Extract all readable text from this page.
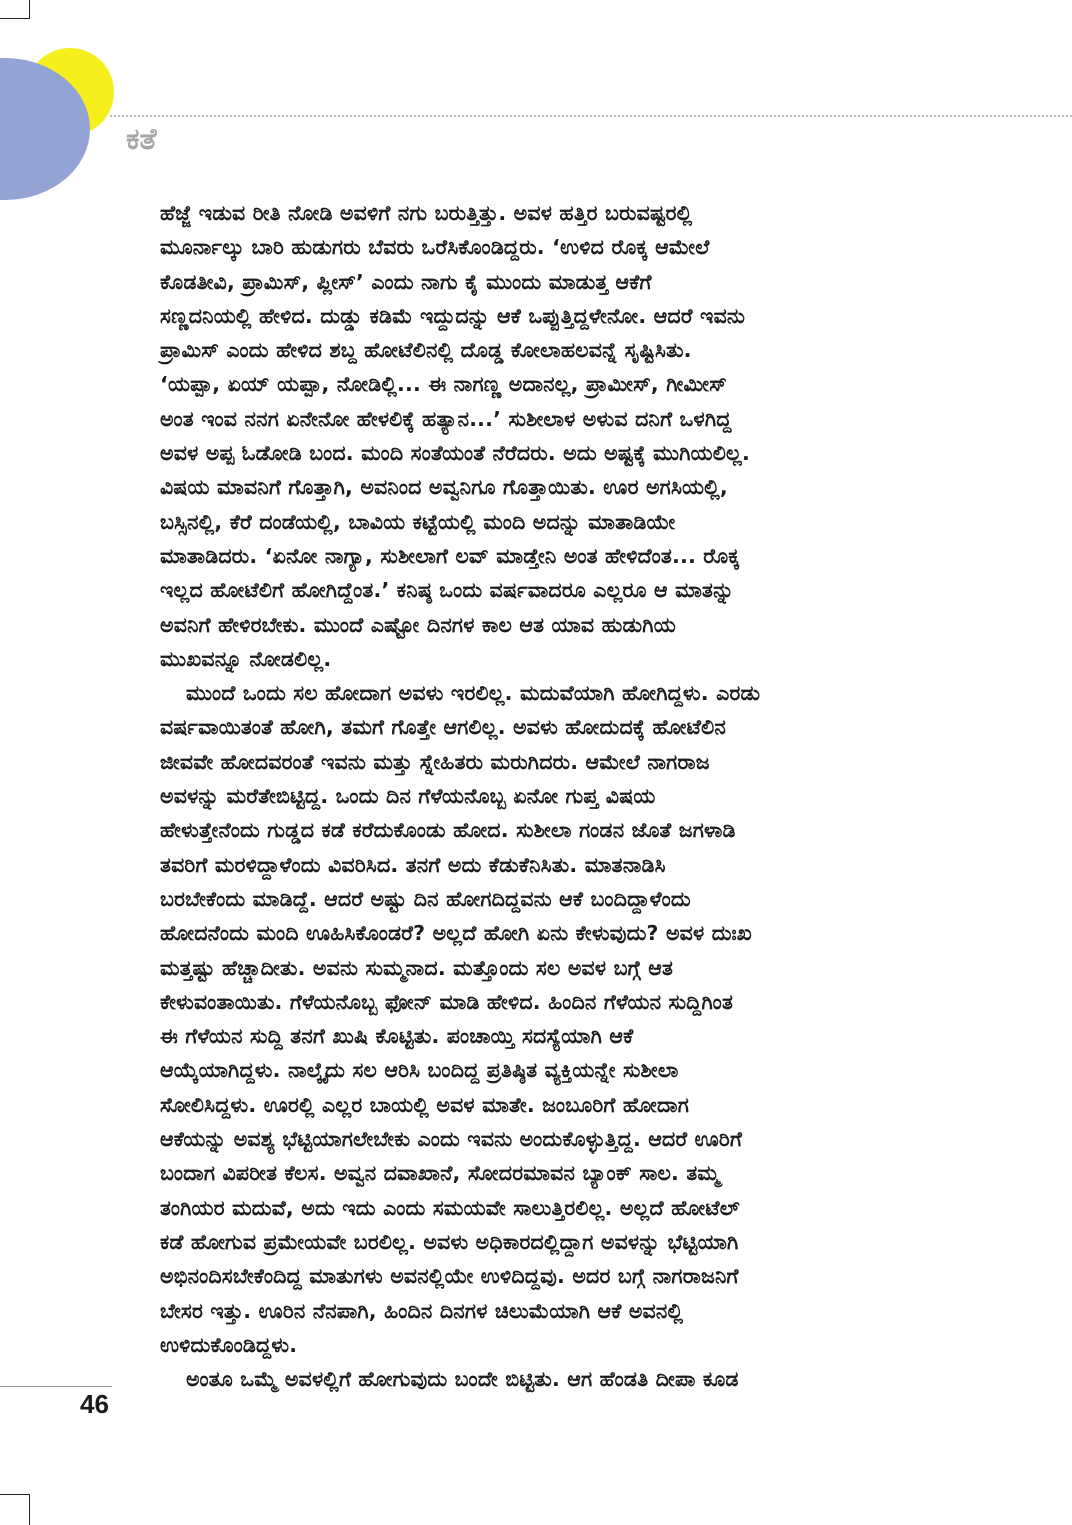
ಕತೆ
ಹೆಜ್ಜೆ ಇಡುವ ರೀತಿ ನೋಡಿ ಅವಳಿಗೆ ನಗು ಬರುತ್ತಿತ್ತು. ಅವಳ ಹತ್ತಿರ ಬರುವಷ್ಟರಲ್ಲಿ
ಮೂರ್ನಾಲ್ಕು ಬಾರಿ ಹುಡುಗರು ಬೆವರು ಒರೆಸಿಕೊಂಡಿದ್ದರು. ‘ಉಳಿದ ರೊಕ್ಕ ಆಮೇಲೆ
ಕೊಡತೀವಿ, ಪ್ರಾಮಿಸ್, ಪ್ಲೀಸ್’ ಎಂದು ನಾಗು ಕೈ ಮುಂದು ಮಾಡುತ್ತ ಆಕೆಗೆ
ಸಣ್ಣದನಿಯಲ್ಲಿ ಹೇಳಿದ. ದುಡ್ಡು ಕಡಿಮೆ ಇದ್ದುದನ್ನು ಆಕೆ ಒಪ್ಪುತ್ತಿದ್ದಳೇನೋ. ಆದರೆ ಇವನು
ಪ್ರಾಮಿಸ್ ಎಂದು ಹೇಳಿದ ಶಬ್ದ ಹೋಟೆಲಿನಲ್ಲಿ ದೊಡ್ಡ ಕೋಲಾಹಲವನ್ನೆ ಸೃಷ್ಟಿಸಿತು.
‘ಯಪ್ಪಾ, ಏಯ್ ಯಪ್ಪಾ, ನೋಡಿಲ್ಲಿ... ಈ ನಾಗಣ್ಣ ಅದಾನಲ್ಲ, ಪ್ರಾಮೀಸ್, ಗೀಮೀಸ್
ಅಂತ ಇಂವ ನನಗ ಏನೇನೋ ಹೇಳಲಿಕ್ಕೆ ಹತ್ಯಾನ...’ ಸುಶೀಲಾಳ ಅಳುವ ದನಿಗೆ ಒಳಗಿದ್ದ
ಅವಳ ಅಪ್ಪ ಓಡೋಡಿ ಬಂದ. ಮಂದಿ ಸಂತೆಯಂತೆ ನೆರೆದರು. ಅದು ಅಷ್ಟಕ್ಕೆ ಮುಗಿಯಲಿಲ್ಲ.
ವಿಷಯ ಮಾವನಿಗೆ ಗೊತ್ತಾಗಿ, ಅವನಿಂದ ಅವ್ವನಿಗೂ ಗೊತ್ತಾಯಿತು. ಊರ ಅಗಸಿಯಲ್ಲಿ,
ಬಸ್ಸಿನಲ್ಲಿ, ಕೆರೆ ದಂಡೆಯಲ್ಲಿ, ಬಾವಿಯ ಕಟ್ಟೆಯಲ್ಲಿ ಮಂದಿ ಅದನ್ನು ಮಾತಾಡಿಯೇ
ಮಾತಾಡಿದರು. ‘ಏನೋ ನಾಗ್ಯಾ, ಸುಶೀಲಾಗೆ ಲವ್ ಮಾಡ್ತೇನಿ ಅಂತ ಹೇಳಿದೆಂತ... ರೊಕ್ಕ
ಇಲ್ಲದ ಹೋಟೆಲಿಗೆ ಹೋಗಿದ್ದೆಂತ.’ ಕನಿಷ್ಠ ಒಂದು ವರ್ಷವಾದರೂ ಎಲ್ಲರೂ ಆ ಮಾತನ್ನು
ಅವನಿಗೆ ಹೇಳಿರಬೇಕು. ಮುಂದೆ ಎಷ್ಟೋ ದಿನಗಳ ಕಾಲ ಆತ ಯಾವ ಹುಡುಗಿಯ
ಮುಖವನ್ನೂ ನೋಡಲಿಲ್ಲ.
ಮುಂದೆ ಒಂದು ಸಲ ಹೋದಾಗ ಅವಳು ಇರಲಿಲ್ಲ. ಮದುವೆಯಾಗಿ ಹೋಗಿದ್ದಳು. ಎರಡು
ವರ್ಷವಾಯಿತಂತೆ ಹೋಗಿ, ತಮಗೆ ಗೊತ್ತೇ ಆಗಲಿಲ್ಲ. ಅವಳು ಹೋದುದಕ್ಕೆ ಹೋಟೆಲಿನ
ಜೀವವೇ ಹೋದವರಂತೆ ಇವನು ಮತ್ತು ಸ್ನೇಹಿತರು ಮರುಗಿದರು. ಆಮೇಲೆ ನಾಗರಾಜ
ಅವಳನ್ನು ಮರೆತೇಬಿಟ್ಟಿದ್ದ. ಒಂದು ದಿನ ಗೆಳೆಯನೊಬ್ಬ ಏನೋ ಗುಪ್ತ ವಿಷಯ
ಹೇಳುತ್ತೇನೆಂದು ಗುಡ್ಡದ ಕಡೆ ಕರೆದುಕೊಂಡು ಹೋದ. ಸುಶೀಲಾ ಗಂಡನ ಜೊತೆ ಜಗಳಾಡಿ
ತವರಿಗೆ ಮರಳಿದ್ದಾಳೆಂದು ವಿವರಿಸಿದ. ತನಗೆ ಅದು ಕೆಡುಕೆನಿಸಿತು. ಮಾತನಾಡಿಸಿ
ಬರಬೇಕೆಂದು ಮಾಡಿದ್ದೆ. ಆದರೆ ಅಷ್ಟು ದಿನ ಹೋಗದಿದ್ದವನು ಆಕೆ ಬಂದಿದ್ದಾಳೆಂದು
ಹೋದನೆಂದು ಮಂದಿ ಊಹಿಸಿಕೊಂಡರೆ? ಅಲ್ಲದೆ ಹೋಗಿ ಏನು ಕೇಳುವುದು? ಅವಳ ದುಃಖ
ಮತ್ತಷ್ಟು ಹೆಚ್ಚಾದೀತು. ಅವನು ಸುಮ್ಮನಾದ. ಮತ್ತೊಂದು ಸಲ ಅವಳ ಬಗ್ಗೆ ಆತ
ಕೇಳುವಂತಾಯಿತು. ಗೆಳೆಯನೊಬ್ಬ ಫೋನ್ ಮಾಡಿ ಹೇಳಿದ. ಹಿಂದಿನ ಗೆಳೆಯನ ಸುದ್ದಿಗಿಂತ
ಈ ಗೆಳೆಯನ ಸುದ್ದಿ ತನಗೆ ಖುಷಿ ಕೊಟ್ಟಿತು. ಪಂಚಾಯ್ತಿ ಸದಸ್ಯೆಯಾಗಿ ಆಕೆ
ಆಯ್ಕೆಯಾಗಿದ್ದಳು. ನಾಲ್ಕೈದು ಸಲ ಆರಿಸಿ ಬಂದಿದ್ದ ಪ್ರತಿಷ್ಠಿತ ವ್ಯಕ್ತಿಯನ್ನೇ ಸುಶೀಲಾ
ಸೋಲಿಸಿದ್ದಳು. ಊರಲ್ಲಿ ಎಲ್ಲರ ಬಾಯಲ್ಲಿ ಅವಳ ಮಾತೇ. ಜಂಬೂರಿಗೆ ಹೋದಾಗ
ಆಕೆಯನ್ನು ಅವಶ್ಯ ಭೆಟ್ಟಿಯಾಗಲೇಬೇಕು ಎಂದು ಇವನು ಅಂದುಕೊಳ್ಳುತ್ತಿದ್ದ. ಆದರೆ ಊರಿಗೆ
ಬಂದಾಗ ವಿಪರೀತ ಕೆಲಸ. ಅವ್ವನ ದವಾಖಾನೆ, ಸೋದರಮಾವನ ಬ್ಯಾಂಕ್ ಸಾಲ. ತಮ್ಮ
ತಂಗಿಯರ ಮದುವೆ, ಅದು ಇದು ಎಂದು ಸಮಯವೇ ಸಾಲುತ್ತಿರಲಿಲ್ಲ. ಅಲ್ಲದೆ ಹೋಟೆಲ್
ಕಡೆ ಹೋಗುವ ಪ್ರಮೇಯವೇ ಬರಲಿಲ್ಲ. ಅವಳು ಅಧಿಕಾರದಲ್ಲಿದ್ದಾಗ ಅವಳನ್ನು ಭೆಟ್ಟಿಯಾಗಿ
ಅಭಿನಂದಿಸಬೇಕೆಂದಿದ್ದ ಮಾತುಗಳು ಅವನಲ್ಲಿಯೇ ಉಳಿದಿದ್ದವು. ಅದರ ಬಗ್ಗೆ ನಾಗರಾಜನಿಗೆ
ಬೇಸರ ಇತ್ತು. ಊರಿನ ನೆನಪಾಗಿ, ಹಿಂದಿನ ದಿನಗಳ ಚಿಲುಮೆಯಾಗಿ ಆಕೆ ಅವನಲ್ಲಿ
ಉಳಿದುಕೊಂಡಿದ್ದಳು.
ಅಂತೂ ಒಮ್ಮೆ ಅವಳಲ್ಲಿಗೆ ಹೋಗುವುದು ಬಂದೇ ಬಿಟ್ಟಿತು. ಆಗ ಹೆಂಡತಿ ದೀಪಾ ಕೂಡ
46
